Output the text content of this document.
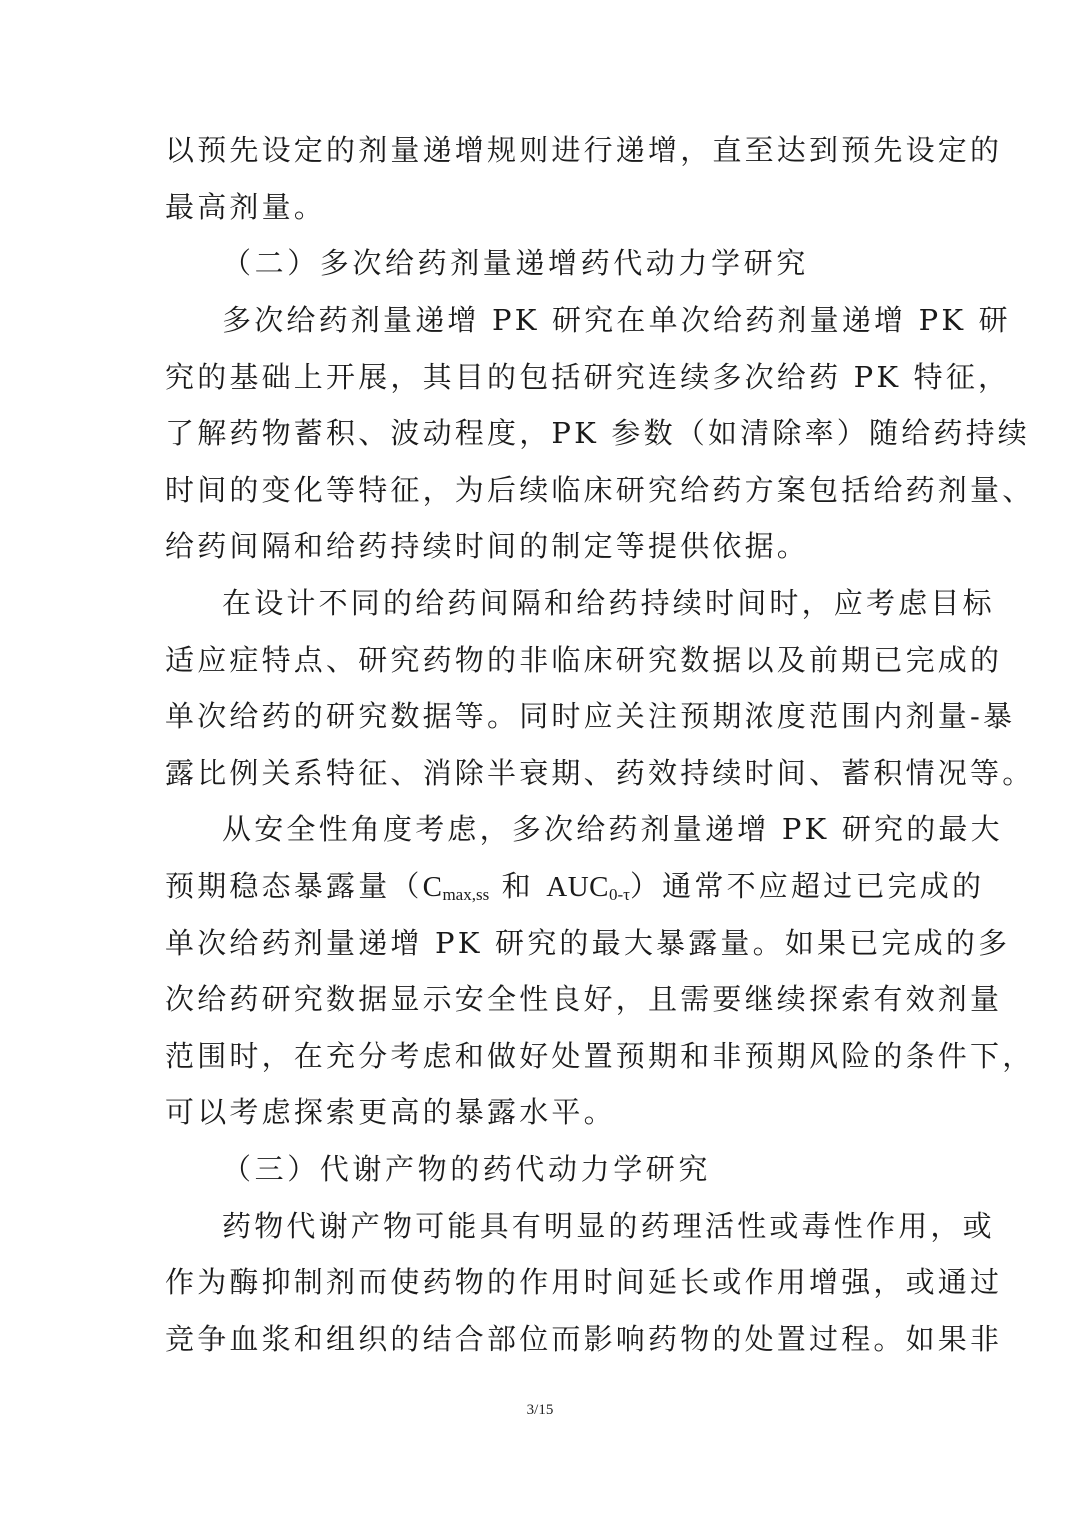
以预先设定的剂量递增规则进行递增，直至达到预先设定的
最高剂量。
（二）多次给药剂量递增药代动力学研究
多次给药剂量递增 PK 研究在单次给药剂量递增 PK 研
究的基础上开展，其目的包括研究连续多次给药 PK 特征，
了解药物蓄积、波动程度，PK 参数（如清除率）随给药持续
时间的变化等特征，为后续临床研究给药方案包括给药剂量、
给药间隔和给药持续时间的制定等提供依据。
在设计不同的给药间隔和给药持续时间时，应考虑目标
适应症特点、研究药物的非临床研究数据以及前期已完成的
单次给药的研究数据等。同时应关注预期浓度范围内剂量-暴
露比例关系特征、消除半衰期、药效持续时间、蓄积情况等。
从安全性角度考虑，多次给药剂量递增 PK 研究的最大
预期稳态暴露量（$C_{max,ss}$ 和 $AUC_{0-\tau}$）通常不应超过已完成的
单次给药剂量递增 PK 研究的最大暴露量。如果已完成的多
次给药研究数据显示安全性良好，且需要继续探索有效剂量
范围时，在充分考虑和做好处置预期和非预期风险的条件下，
可以考虑探索更高的暴露水平。
（三）代谢产物的药代动力学研究
药物代谢产物可能具有明显的药理活性或毒性作用，或
作为酶抑制剂而使药物的作用时间延长或作用增强，或通过
竞争血浆和组织的结合部位而影响药物的处置过程。如果非
3/15
